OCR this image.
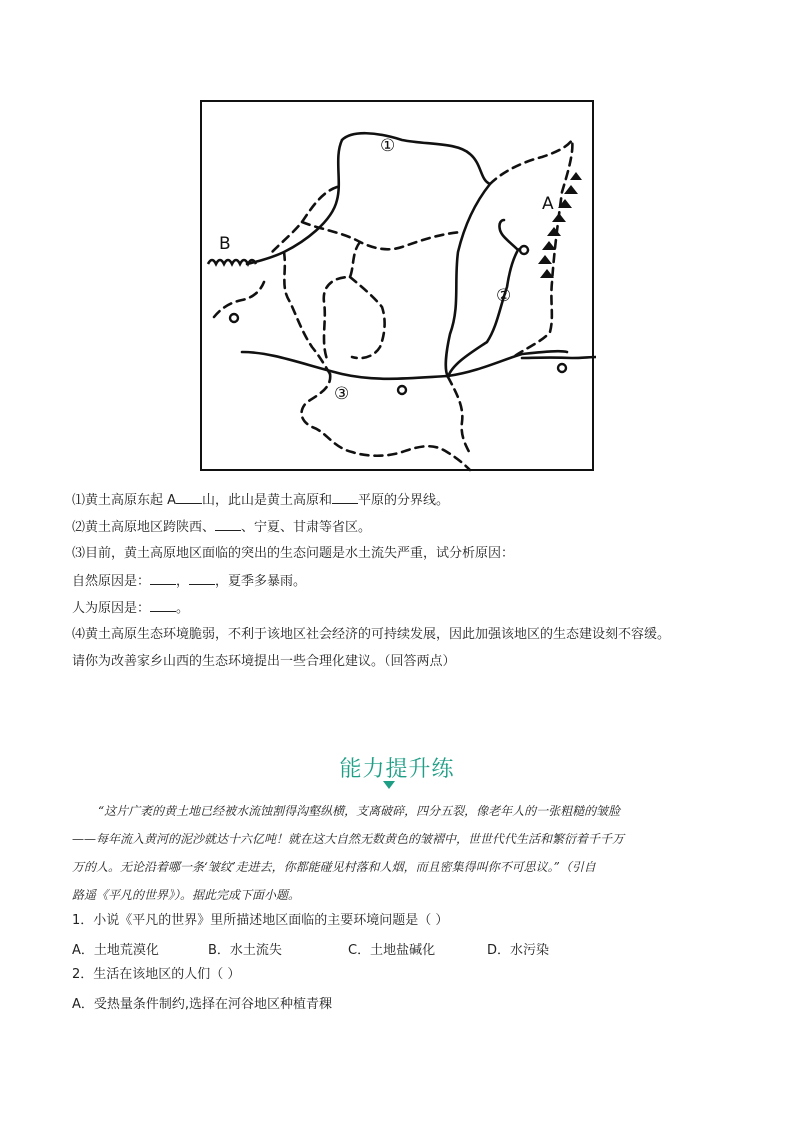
①
②
③
A
B
⑴黄土高原东起 A 山，此山是黄土高原和 平原的分界线。
⑵黄土高原地区跨陕西、 、宁夏、甘肃等省区。
⑶目前，黄土高原地区面临的突出的生态问题是水土流失严重，试分析原因：
自然原因是： ， ，夏季多暴雨。
人为原因是： 。
⑷黄土高原生态环境脆弱，不利于该地区社会经济的可持续发展，因此加强该地区的生态建设刻不容缓。
请你为改善家乡山西的生态环境提出一些合理化建议。（回答两点）
能力提升练
“这片广袤的黄土地已经被水流蚀割得沟壑纵横，支离破碎，四分五裂，像老年人的一张粗糙的皱脸
——每年流入黄河的泥沙就达十六亿吨！就在这大自然无数黄色的皱褶中，世世代代生活和繁衍着千千万
万的人。无论沿着哪一条‘皱纹’走进去，你都能碰见村落和人烟，而且密集得叫你不可思议。”（引自
路遥《平凡的世界》）。据此完成下面小题。
1．小说《平凡的世界》里所描述地区面临的主要环境问题是（ ）
A．土地荒漠化	B．水土流失	C．土地盐碱化	D．水污染
2．生活在该地区的人们（ ）
A．受热量条件制约,选择在河谷地区种植青稞
